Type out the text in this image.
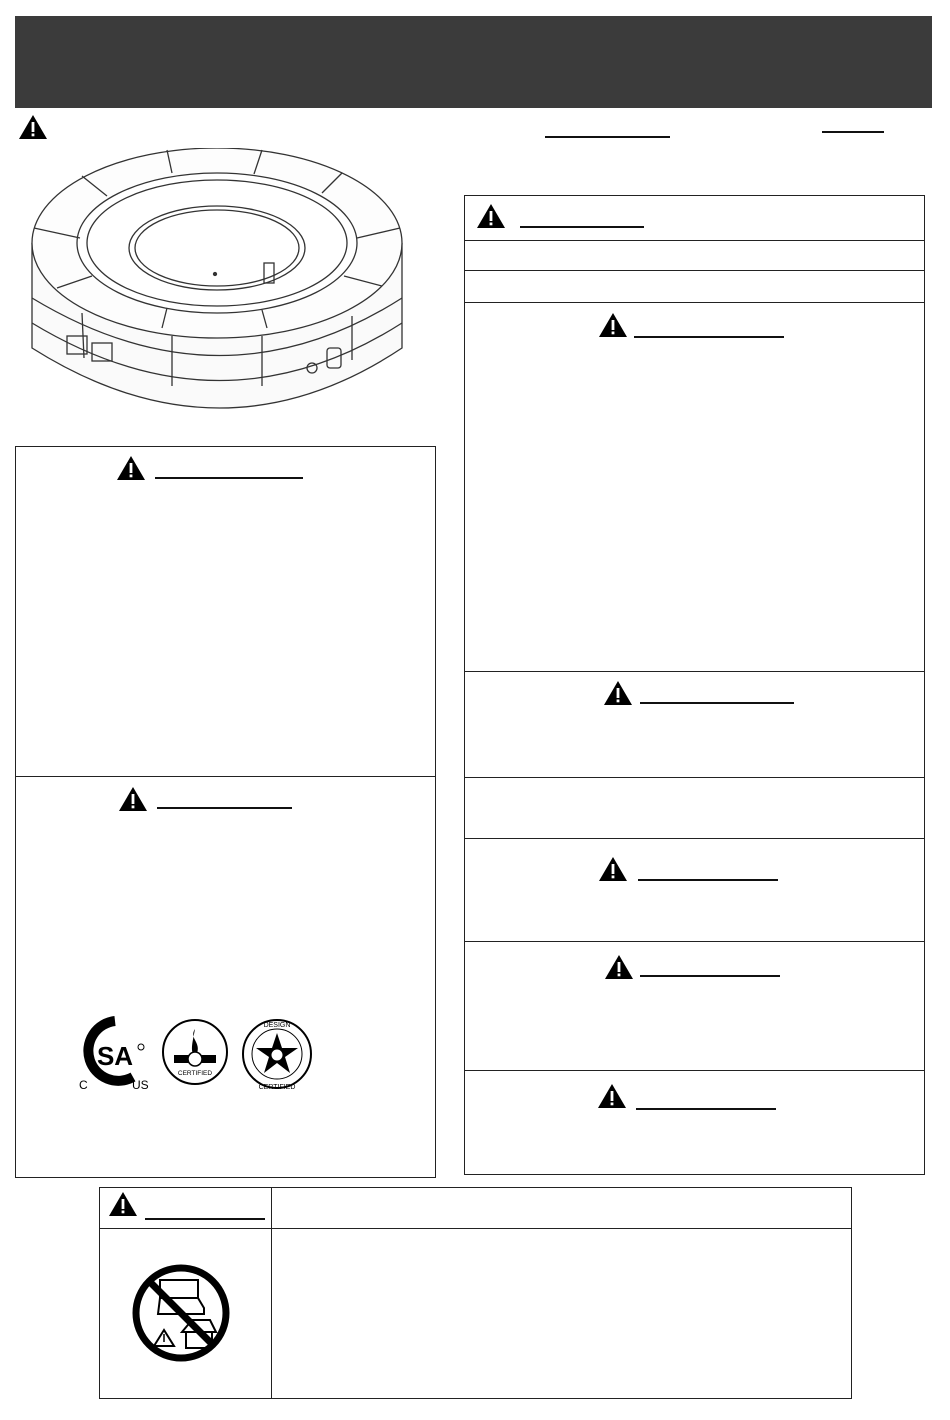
SA
C	US
CERTIFIED
DESIGN
CERTIFIED
